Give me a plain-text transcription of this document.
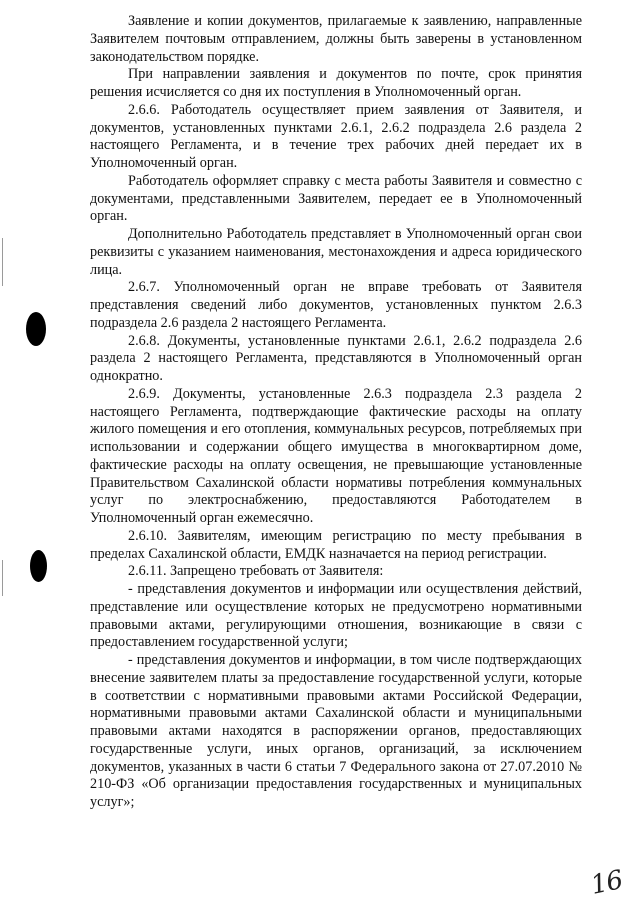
Заявление и копии документов, прилагаемые к заявлению, направленные Заявителем почтовым отправлением, должны быть заверены в установленном законодательством порядке.

При направлении заявления и документов по почте, срок принятия решения исчисляется со дня их поступления в Уполномоченный орган.

2.6.6. Работодатель осуществляет прием заявления от Заявителя, и документов, установленных пунктами 2.6.1, 2.6.2 подраздела 2.6 раздела 2 настоящего Регламента, и в течение трех рабочих дней передает их в Уполномоченный орган.

Работодатель оформляет справку с места работы Заявителя и совместно с документами, представленными Заявителем, передает ее в Уполномоченный орган.

Дополнительно Работодатель представляет в Уполномоченный орган свои реквизиты с указанием наименования, местонахождения и адреса юридического лица.

2.6.7. Уполномоченный орган не вправе требовать от Заявителя представления сведений либо документов, установленных пунктом 2.6.3 подраздела 2.6 раздела 2 настоящего Регламента.

2.6.8. Документы, установленные пунктами 2.6.1, 2.6.2 подраздела 2.6 раздела 2 настоящего Регламента, представляются в Уполномоченный орган однократно.

2.6.9. Документы, установленные 2.6.3 подраздела 2.3 раздела 2 настоящего Регламента, подтверждающие фактические расходы на оплату жилого помещения и его отопления, коммунальных ресурсов, потребляемых при использовании и содержании общего имущества в многоквартирном доме, фактические расходы на оплату освещения, не превышающие установленные Правительством Сахалинской области нормативы потребления коммунальных услуг по электроснабжению, предоставляются Работодателем в Уполномоченный орган ежемесячно.

2.6.10. Заявителям, имеющим регистрацию по месту пребывания в пределах Сахалинской области, ЕМДК назначается на период регистрации.

2.6.11. Запрещено требовать от Заявителя:

- представления документов и информации или осуществления действий, представление или осуществление которых не предусмотрено нормативными правовыми актами, регулирующими отношения, возникающие в связи с предоставлением государственной услуги;

- представления документов и информации, в том числе подтверждающих внесение заявителем платы за предоставление государственной услуги, которые в соответствии с нормативными правовыми актами Российской Федерации, нормативными правовыми актами Сахалинской области и муниципальными правовыми актами находятся в распоряжении органов, предоставляющих государственные услуги, иных органов, организаций, за исключением документов, указанных в части 6 статьи 7 Федерального закона от 27.07.2010 № 210-ФЗ «Об организации предоставления государственных и муниципальных услуг»;

16
